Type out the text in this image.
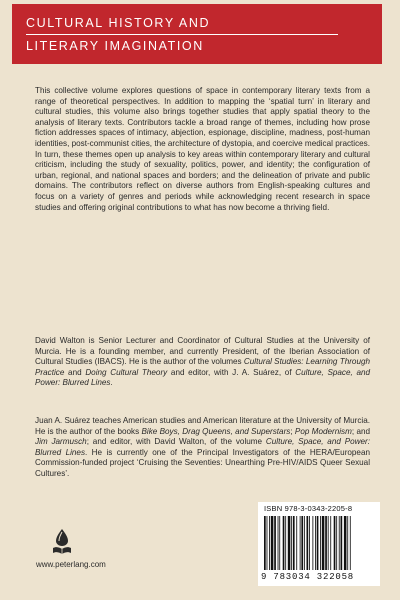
CULTURAL HISTORY AND
LITERARY IMAGINATION

This collective volume explores questions of space in contemporary literary texts from a range of theoretical perspectives. In addition to mapping the ‘spatial turn’ in literary and cultural studies, this volume also brings together studies that apply spatial theory to the analysis of literary texts. Contributors tackle a broad range of themes, including how prose fiction addresses spaces of intimacy, abjection, espionage, discipline, madness, post-human identities, post-communist cities, the architecture of dystopia, and coercive medical practices. In turn, these themes open up analysis to key areas within contemporary literary and cultural criticism, including the study of sexuality, politics, power, and identity; the configuration of urban, regional, and national spaces and borders; and the delineation of private and public domains. The contributors reflect on diverse authors from English-speaking cultures and focus on a variety of genres and periods while acknowledging recent research in space studies and offering original contributions to what has now become a thriving field.

David Walton is Senior Lecturer and Coordinator of Cultural Studies at the University of Murcia. He is a founding member, and currently President, of the Iberian Association of Cultural Studies (IBACS). He is the author of the volumes Cultural Studies: Learning Through Practice and Doing Cultural Theory and editor, with J. A. Suárez, of Culture, Space, and Power: Blurred Lines.

Juan A. Suárez teaches American studies and American literature at the University of Murcia. He is the author of the books Bike Boys, Drag Queens, and Superstars; Pop Modernism; and Jim Jarmusch; and editor, with David Walton, of the volume Culture, Space, and Power: Blurred Lines. He is currently one of the Principal Investigators of the HERA/European Commission-funded project ‘Cruising the Seventies: Unearthing Pre-HIV/AIDS Queer Sexual Cultures’.

www.peterlang.com
ISBN 978-3-0343-2205-8
9 783034 322058
